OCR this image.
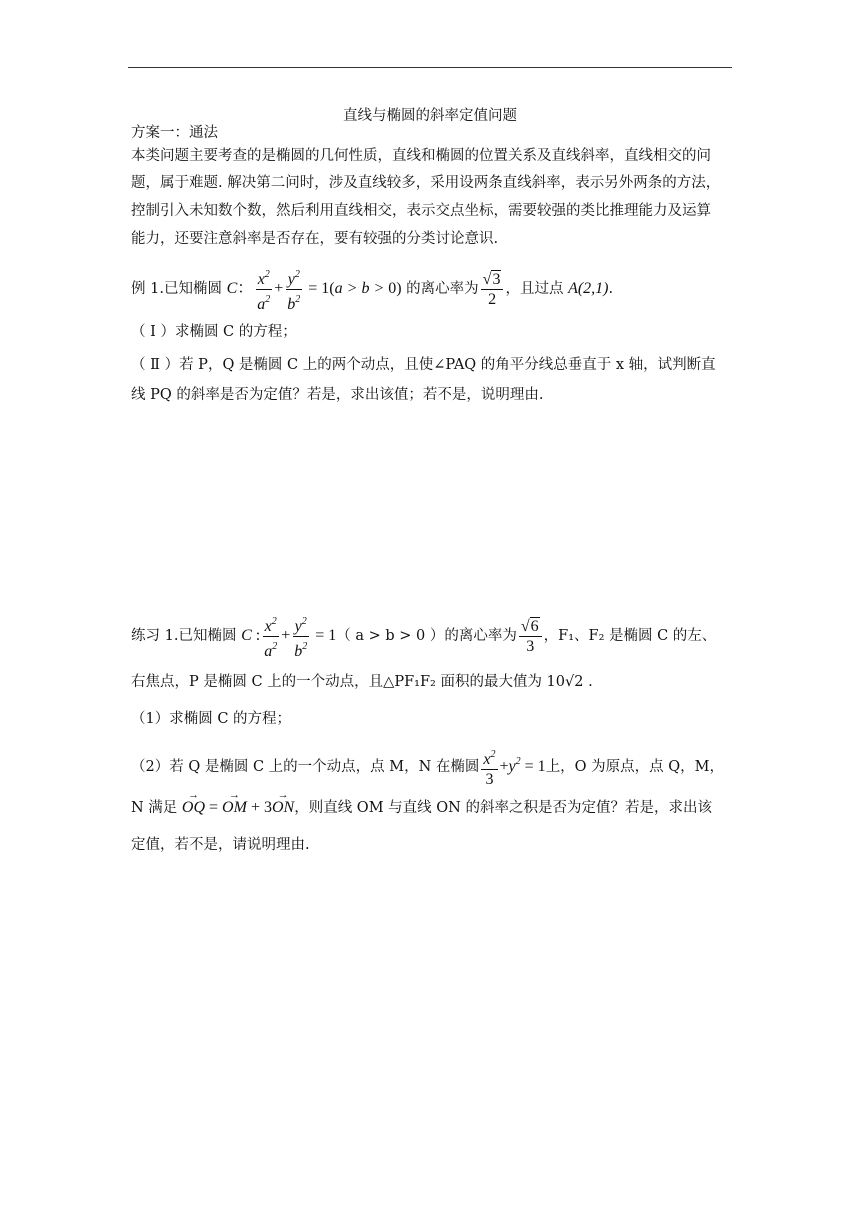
直线与椭圆的斜率定值问题
方案一：通法
本类问题主要考查的是椭圆的几何性质，直线和椭圆的位置关系及直线斜率，直线相交的问
题，属于难题. 解决第二问时，涉及直线较多，采用设两条直线斜率，表示另外两条的方法，
控制引入未知数个数，然后利用直线相交，表示交点坐标，需要较强的类比推理能力及运算
能力，还要注意斜率是否存在，要有较强的分类讨论意识.
例 1.已知椭圆 C： $\frac{x^2}{a^2} + \frac{y^2}{b^2} = 1(a > b > 0)$ 的离心率为 $\frac{√3}{2}$ ，且过点 A(2,1).
（ Ⅰ ）求椭圆 C 的方程；
（ Ⅱ ）若 P，Q 是椭圆 C 上的两个动点，且使∠PAQ 的角平分线总垂直于 x 轴，试判断直
线 PQ 的斜率是否为定值？若是，求出该值；若不是，说明理由.
练习 1.已知椭圆 C : $\frac{x^2}{a^2} + \frac{y^2}{b^2} = 1$（ a > b > 0 ）的离心率为 $\frac{√6}{3}$ ，F₁、F₂ 是椭圆 C 的左、
右焦点，P 是椭圆 C 上的一个动点，且△PF₁F₂ 面积的最大值为 10√2 .
（1）求椭圆 C 的方程；
（2）若 Q 是椭圆 C 上的一个动点，点 M，N 在椭圆 $\frac{x^2}{3} +y^2 = 1$上，O 为原点，点 Q，M，
N 满足 → OQ = → OM + 3→ ON，则直线 OM 与直线 ON 的斜率之积是否为定值？若是，求出该
定值，若不是，请说明理由.
